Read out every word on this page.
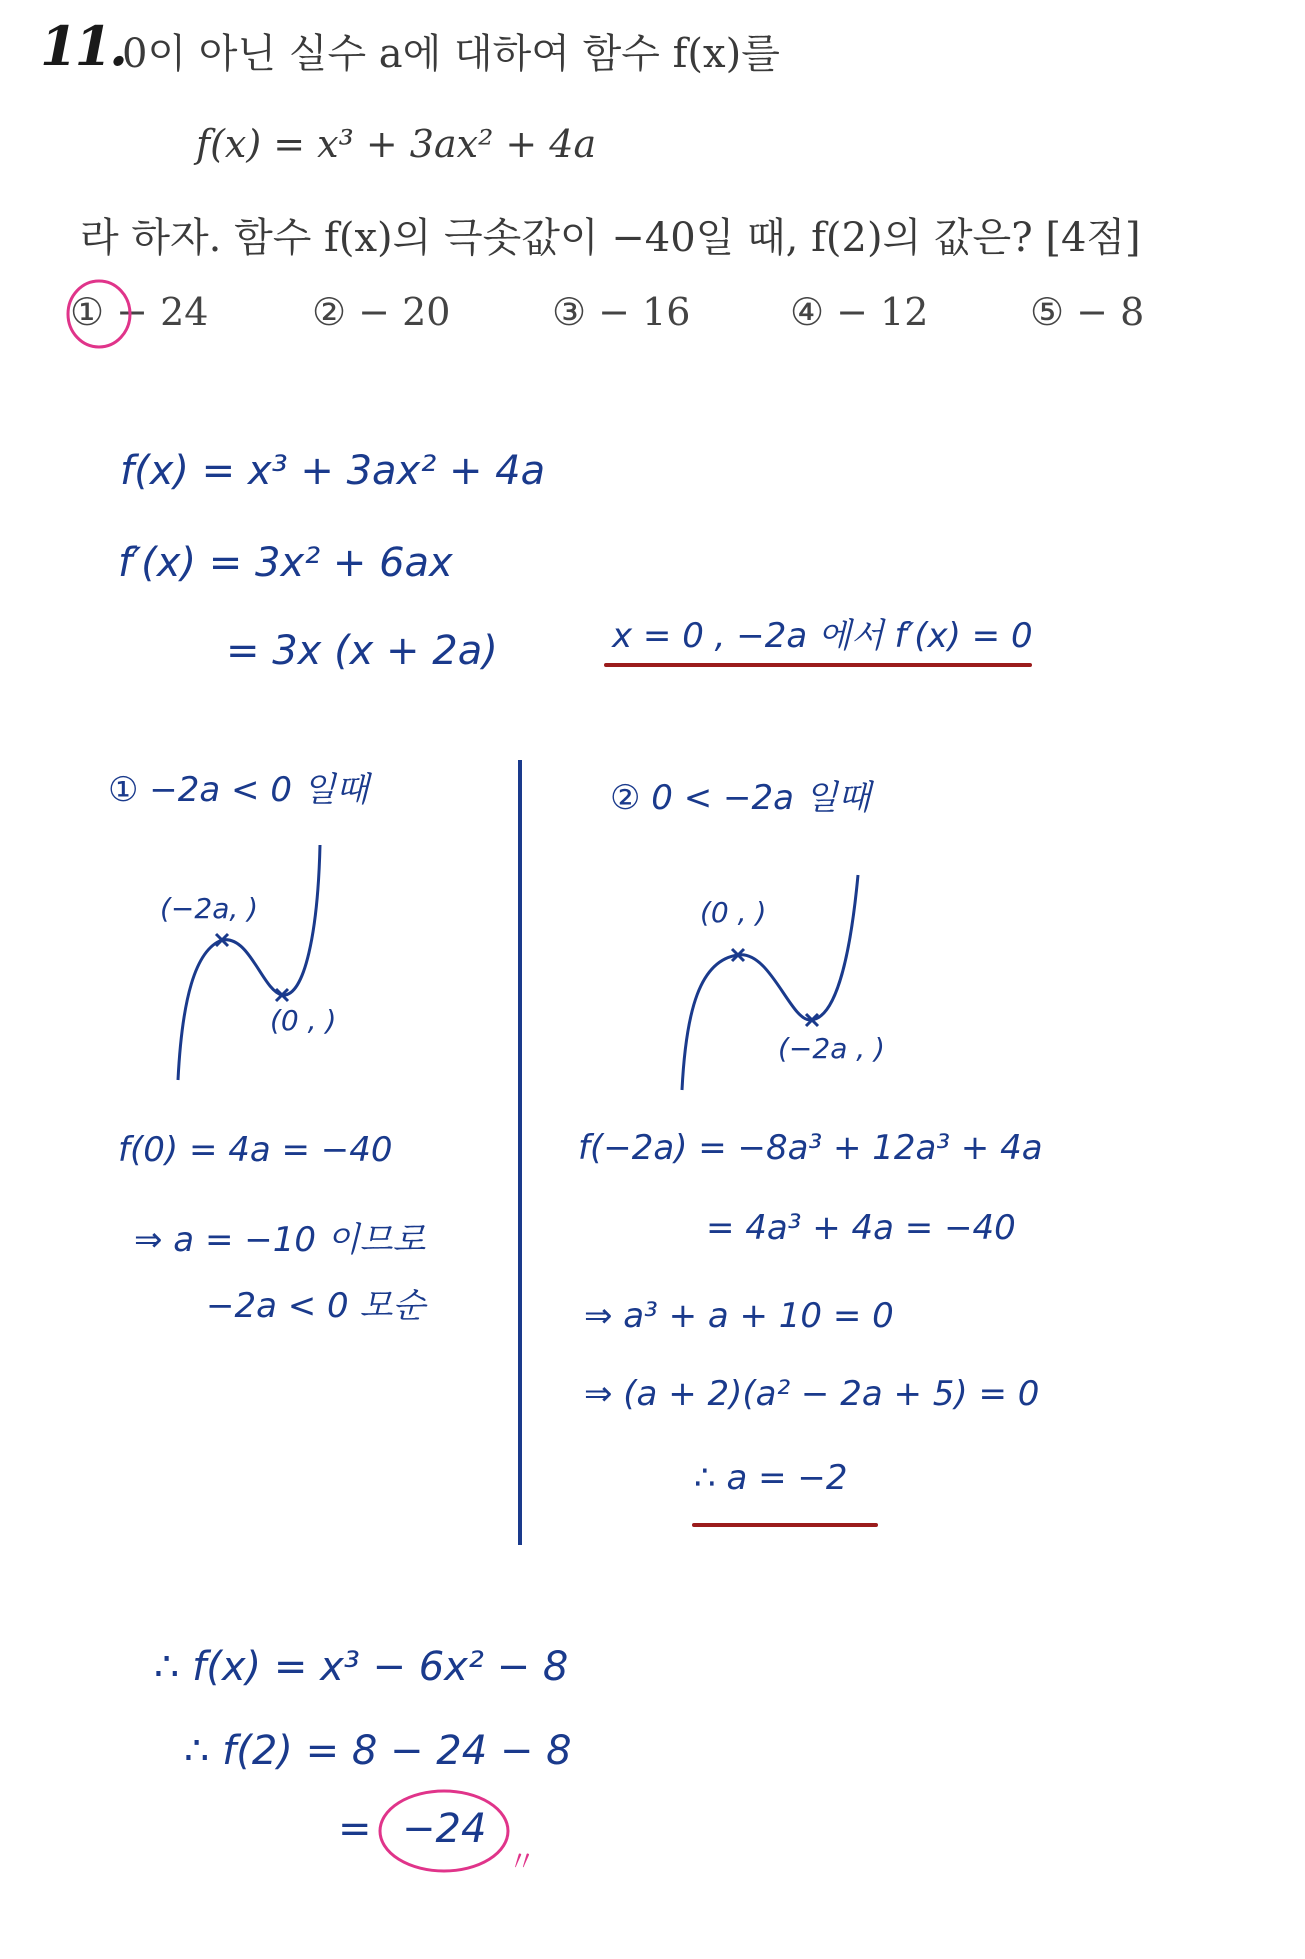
11.
0이 아닌 실수 a에 대하여 함수 f(x)를
f(x) = x³ + 3ax² + 4a
라 하자. 함수 f(x)의 극솟값이 −40일 때, f(2)의 값은? [4점]
① − 24	② − 20	③ − 16	④ − 12	⑤ − 8
f(x) = x³ + 3ax² + 4a
f′(x) = 3x² + 6ax
= 3x (x + 2a)	x = 0 , −2a 에서 f′(x) = 0
① −2a < 0 일때
(−2a, )
(0 , )
f(0) = 4a = −40
⇒ a = −10 이므로
−2a < 0 모순
② 0 < −2a 일때
(0 , )
(−2a , )
f(−2a) = −8a³ + 12a³ + 4a
= 4a³ + 4a = −40
⇒ a³ + a + 10 = 0
⇒ (a + 2)(a² − 2a + 5) = 0
∴ a = −2
∴ f(x) = x³ − 6x² − 8
∴ f(2) = 8 − 24 − 8
= −24
〃
